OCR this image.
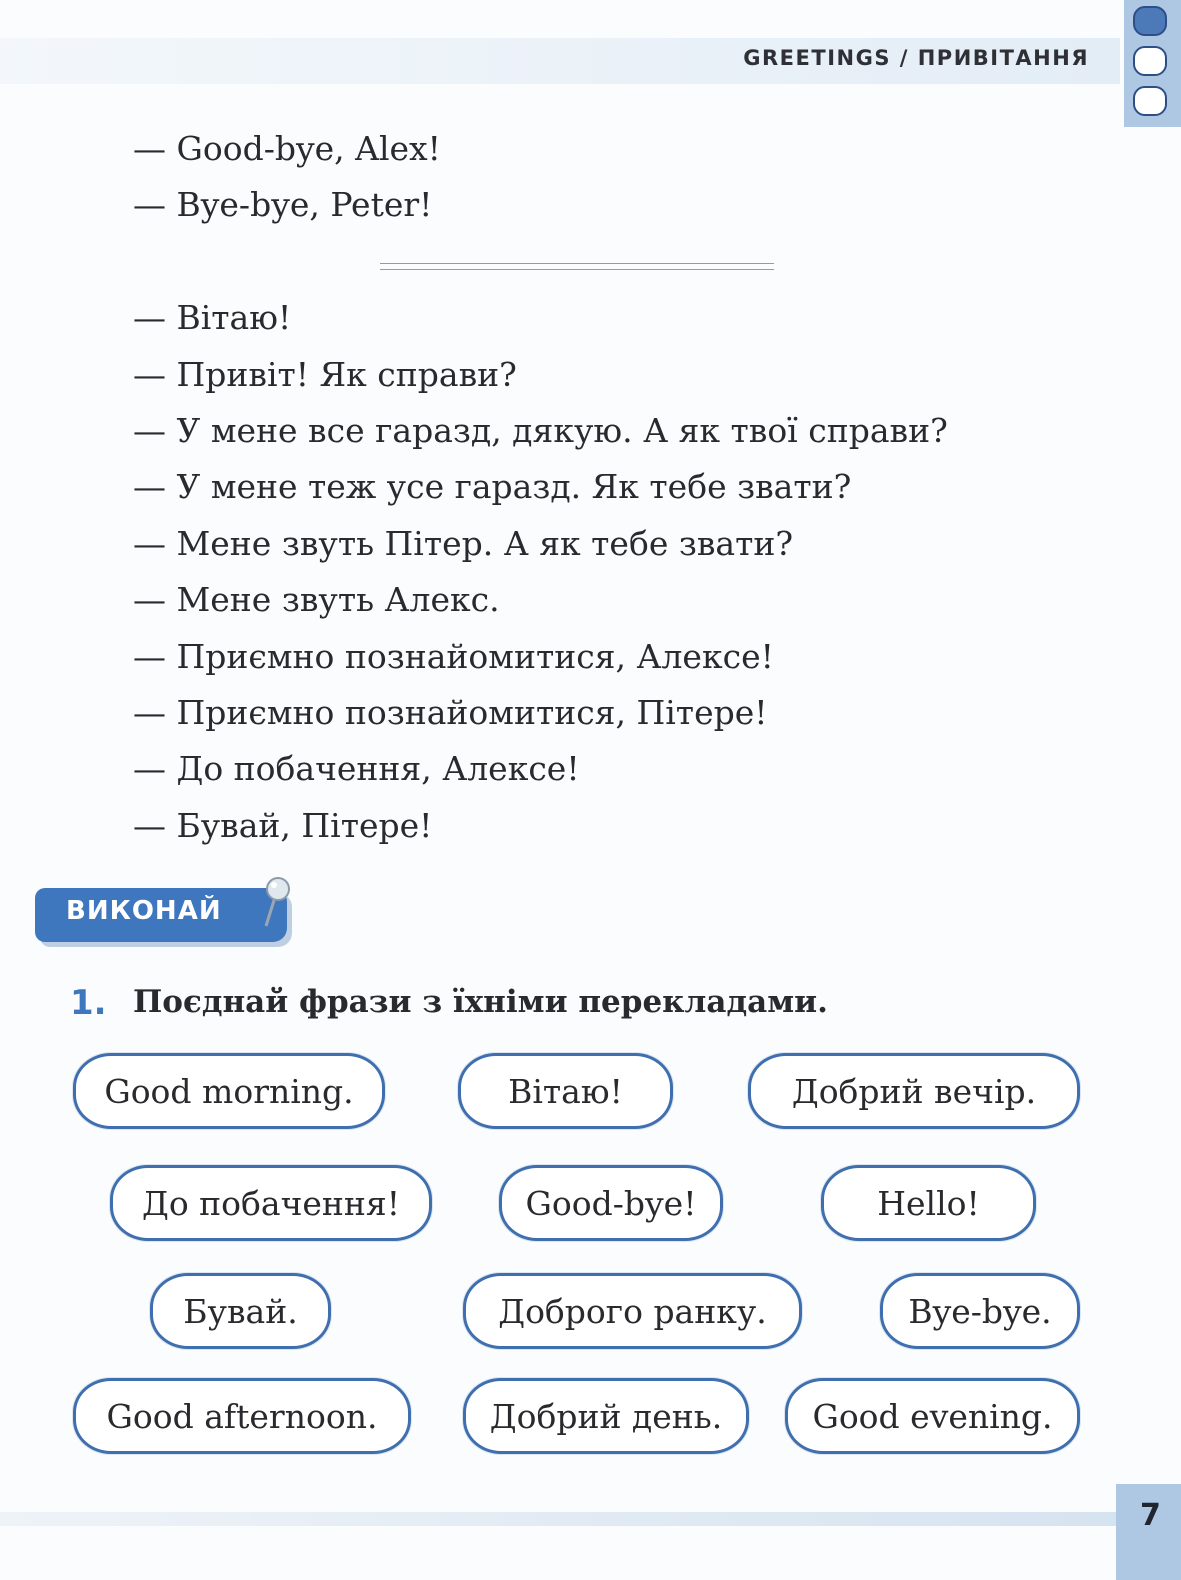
GREETINGS / ПРИВІТАННЯ
— Good-bye, Alex!
— Bye-bye, Peter!
— Вітаю!
— Привіт! Як справи?
— У мене все гаразд, дякую. А як твої справи?
— У мене теж усе гаразд. Як тебе звати?
— Мене звуть Пітер. А як тебе звати?
— Мене звуть Алекс.
— Приємно познайомитися, Алексе!
— Приємно познайомитися, Пітере!
— До побачення, Алексе!
— Бувай, Пітере!
ВИКОНАЙ
1. Поєднай фрази з їхніми перекладами.
Good morning.	Вітаю!	Добрий вечір.
До побачення!	Good-bye!	Hello!
Бувай.	Доброго ранку.	Bye-bye.
Good afternoon.	Добрий день.	Good evening.
7
